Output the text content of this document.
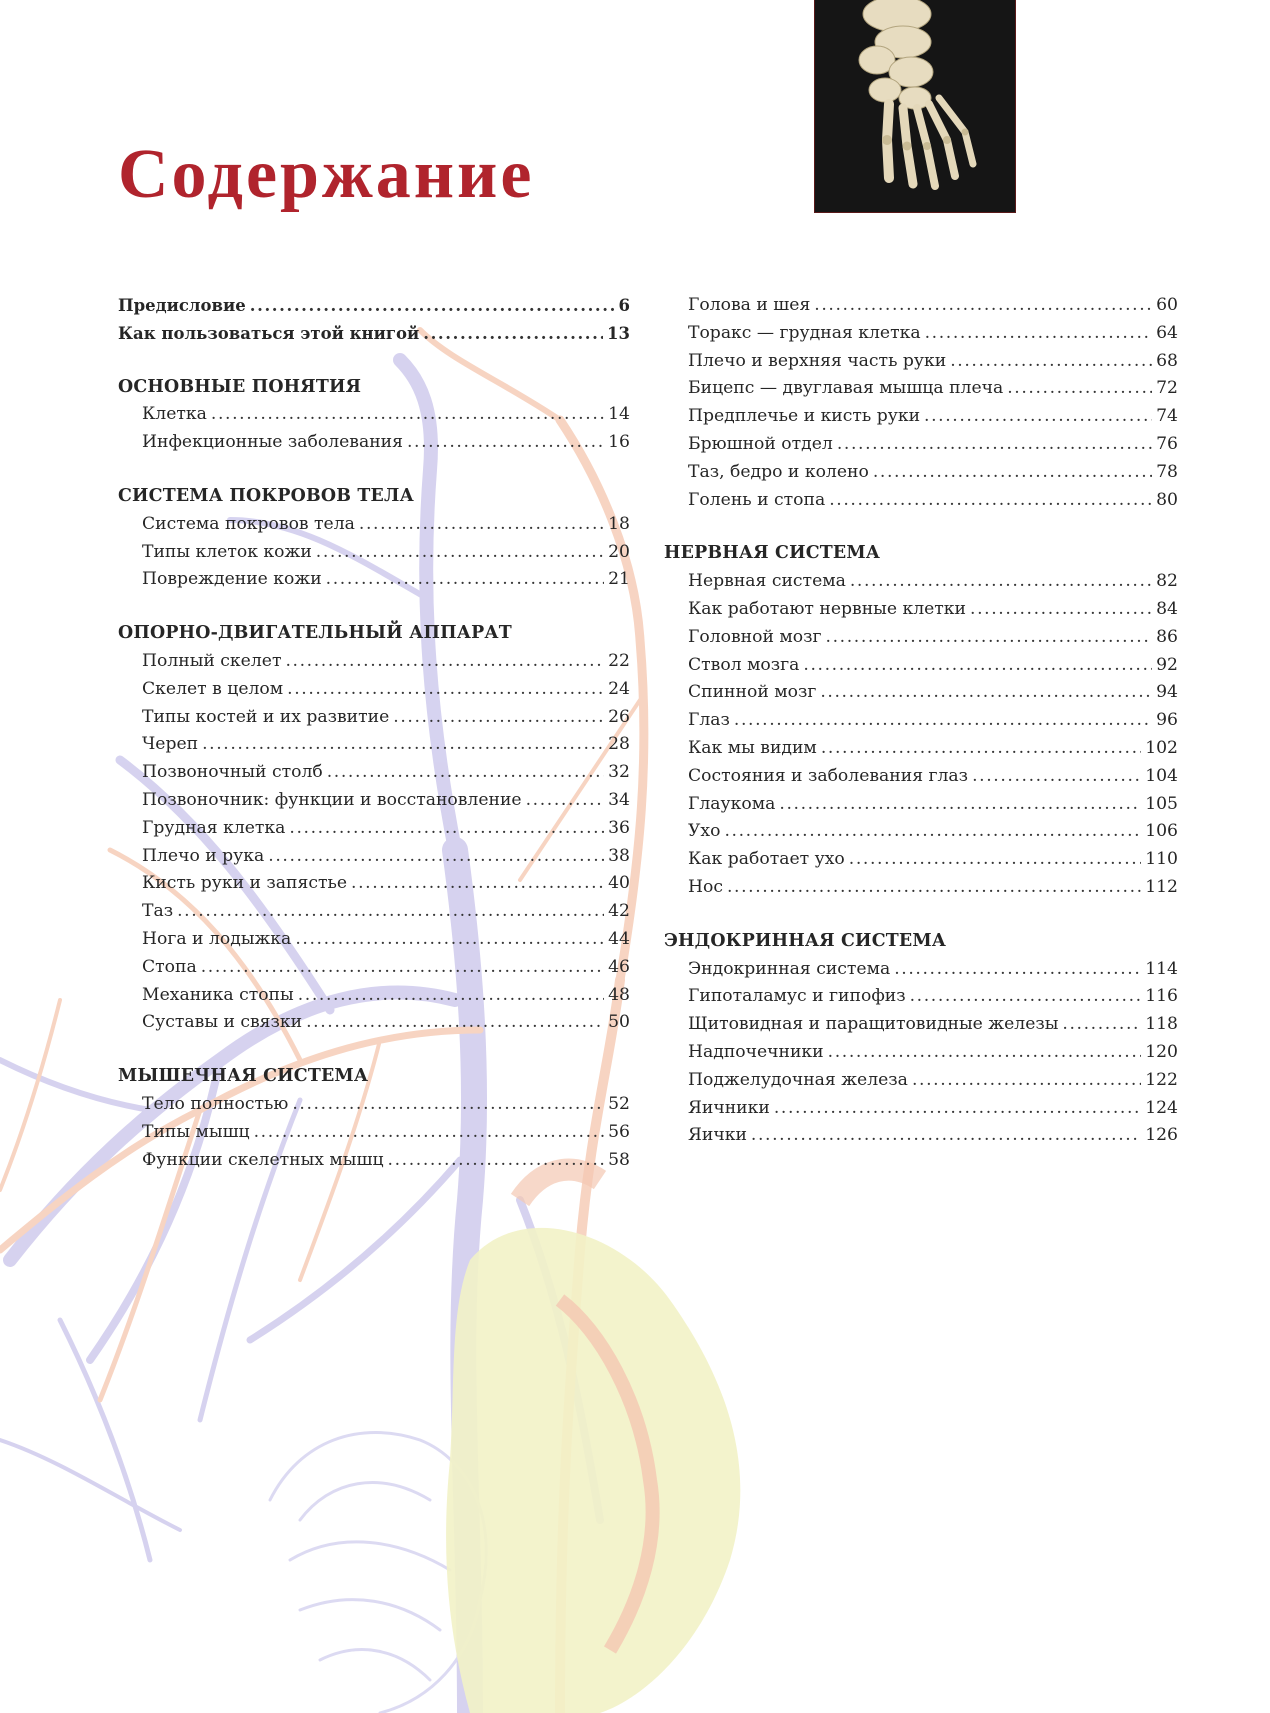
Содержание
Предисловие .....	6
Как пользоваться этой книгой .....	13
ОСНОВНЫЕ ПОНЯТИЯ
Клетка .....	14
Инфекционные заболевания .....	16
СИСТЕМА ПОКРОВОВ ТЕЛА
Система покровов тела .....	18
Типы клеток кожи .....	20
Повреждение кожи .....	21
ОПОРНО-ДВИГАТЕЛЬНЫЙ АППАРАТ
Полный скелет .....	22
Скелет в целом .....	24
Типы костей и их развитие .....	26
Череп .....	28
Позвоночный столб .....	32
Позвоночник: функции и восстановление .....	34
Грудная клетка .....	36
Плечо и рука .....	38
Кисть руки и запястье .....	40
Таз .....	42
Нога и лодыжка .....	44
Стопа .....	46
Механика стопы .....	48
Суставы и связки .....	50
МЫШЕЧНАЯ СИСТЕМА
Тело полностью .....	52
Типы мышц .....	56
Функции скелетных мышц .....	58
Голова и шея .....	60
Торакс — грудная клетка .....	64
Плечо и верхняя часть руки .....	68
Бицепс — двуглавая мышца плеча .....	72
Предплечье и кисть руки .....	74
Брюшной отдел .....	76
Таз, бедро и колено .....	78
Голень и стопа .....	80
НЕРВНАЯ СИСТЕМА
Нервная система .....	82
Как работают нервные клетки .....	84
Головной мозг .....	86
Ствол мозга .....	92
Спинной мозг .....	94
Глаз .....	96
Как мы видим .....	102
Состояния и заболевания глаз .....	104
Глаукома .....	105
Ухо .....	106
Как работает ухо .....	110
Нос .....	112
ЭНДОКРИННАЯ СИСТЕМА
Эндокринная система .....	114
Гипоталамус и гипофиз .....	116
Щитовидная и паращитовидные железы .....	118
Надпочечники .....	120
Поджелудочная железа .....	122
Яичники .....	124
Яички .....	126
